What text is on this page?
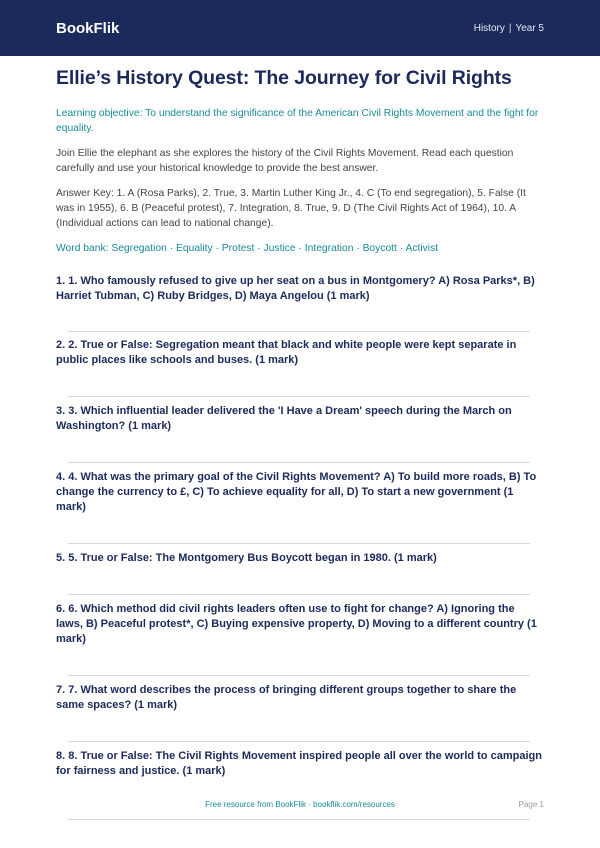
BookFlik	History | Year 5
Ellie’s History Quest: The Journey for Civil Rights
Learning objective: To understand the significance of the American Civil Rights Movement and the fight for equality.
Join Ellie the elephant as she explores the history of the Civil Rights Movement. Read each question carefully and use your historical knowledge to provide the best answer.
Answer Key: 1. A (Rosa Parks), 2. True, 3. Martin Luther King Jr., 4. C (To end segregation), 5. False (It was in 1955), 6. B (Peaceful protest), 7. Integration, 8. True, 9. D (The Civil Rights Act of 1964), 10. A (Individual actions can lead to national change).
Word bank: Segregation · Equality · Protest · Justice · Integration · Boycott · Activist
1. 1. Who famously refused to give up her seat on a bus in Montgomery? A) Rosa Parks*, B) Harriet Tubman, C) Ruby Bridges, D) Maya Angelou (1 mark)
2. 2. True or False: Segregation meant that black and white people were kept separate in public places like schools and buses. (1 mark)
3. 3. Which influential leader delivered the 'I Have a Dream' speech during the March on Washington? (1 mark)
4. 4. What was the primary goal of the Civil Rights Movement? A) To build more roads, B) To change the currency to £, C) To achieve equality for all, D) To start a new government (1 mark)
5. 5. True or False: The Montgomery Bus Boycott began in 1980. (1 mark)
6. 6. Which method did civil rights leaders often use to fight for change? A) Ignoring the laws, B) Peaceful protest*, C) Buying expensive property, D) Moving to a different country (1 mark)
7. 7. What word describes the process of bringing different groups together to share the same spaces? (1 mark)
8. 8. True or False: The Civil Rights Movement inspired people all over the world to campaign for fairness and justice. (1 mark)
Free resource from BookFlik · bookflik.com/resources	Page 1
